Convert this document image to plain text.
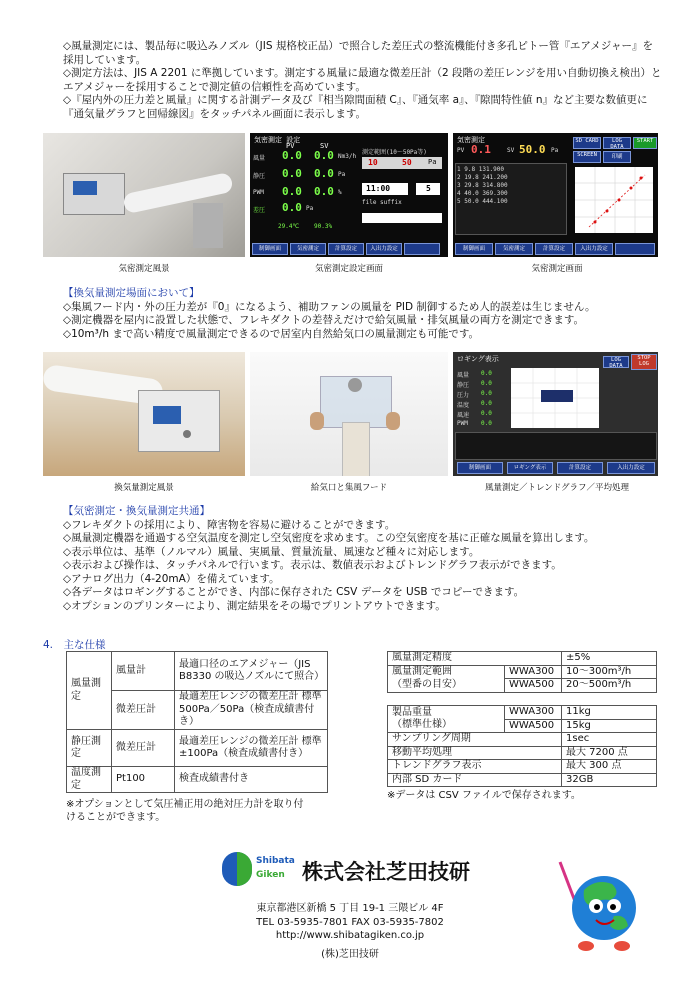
◇風量測定には、製品毎に吸込みノズル（JIS 規格校正品）で照合した差圧式の整流機能付き多孔ピトー管『エアメジャー』を採用しています。

◇測定方法は、JIS A 2201 に準拠しています。測定する風量に最適な微差圧計（2 段階の差圧レンジを用い自動切換え検出）とエアメジャーを採用することで測定値の信頼性を高めています。

◇『屋内外の圧力差と風量』に関する計測データ及び『相当隙間面積 C』、『通気率 a』、『隙間特性値 n』など主要な数値更に『通気量グラフと回帰線図』をタッチパネル画面に表示します。

気密測定風景
気密測定 設定
PV	SV
風量 0.0 0.0 Nm3/h
静圧 0.0 0.0 Pa
PWM 0.0 0.0 %
差圧 0.0 Pa
29.4℃ 90.3%
測定範囲(10〜50Pa等)
10	50 Pa
11:00	5
file suffix
制御画面	気密測定	計算設定	入出力設定
気密測定設定画面
気密測定
PV 0.1	SV 50.0 Pa
SD CARD	LOG DATA
START
印刷
SCREEN
1 9.8 131.900
2 19.8 241.200
3 29.8 314.800
4 40.0 369.300
5 50.0 444.100
制御画面	気密測定	計算設定	入出力設定
気密測定画面

【換気量測定場面において】

◇集風フード内・外の圧力差が『0』になるよう、補助ファンの風量を PID 制御するため人的誤差は生じません。

◇測定機器を屋内に設置した状態で、フレキダクトの差替えだけで給気風量・排気風量の両方を測定できます。

◇10m³/h まで高い精度で風量測定できるので居室内自然給気口の風量測定も可能です。

換気量測定風景	給気口と集風フード
ロギング表示	LOG DATA
STOP LOG
風量 0.0
静圧 0.0
圧力 0.0
温度 0.0
風速 0.0
PWM 0.0
制御画面	ロギング表示	計算設定	入出力設定
風量測定／トレンドグラフ／平均処理

【気密測定・換気量測定共通】

◇フレキダクトの採用により、障害物を容易に避けることができます。

◇風量測定機器を通過する空気温度を測定し空気密度を求めます。この空気密度を基に正確な風量を算出します。

◇表示単位は、基準（ノルマル）風量、実風量、質量流量、風速など種々に対応します。

◇表示および操作は、タッチパネルで行います。表示は、数値表示およびトレンドグラフ表示ができます。

◇アナログ出力（4-20mA）を備えています。

◇各データはロギングすることができ、内部に保存された CSV データを USB でコピーできます。

◇オプションのプリンターにより、測定結果をその場でプリントアウトできます。

4.　主な仕様
風量測定	風量計	最適口径のエアメジャー（JIS B8330 の吸込ノズルにて照合）
	微差圧計	最適差圧レンジの微差圧計 標準 500Pa／50Pa（検査成績書付き）
静圧測定	微差圧計	最適差圧レンジの微差圧計 標準±100Pa（検査成績書付き）
温度測定	Pt100	検査成績書付き
※オプションとして気圧補正用の絶対圧力計を取り付けることができます。
風量測定精度		±5%
風量測定範囲
（型番の目安）	WWA300	10〜300m³/h
	WWA500	20〜500m³/h
製品重量
（標準仕様）	WWA300	11kg
	WWA500	15kg
サンプリング周期		1sec
移動平均処理		最大 7200 点
トレンドグラフ表示		最大 300 点
内部 SD カード		32GB
※データは CSV ファイルで保存されます。
Shibata
Giken 株式会社芝田技研
東京都港区新橋 5 丁目 19-1 三隈ビル 4F
TEL 03-5935-7801 FAX 03-5935-7802
http://www.shibatagiken.co.jp
(株)芝田技研
